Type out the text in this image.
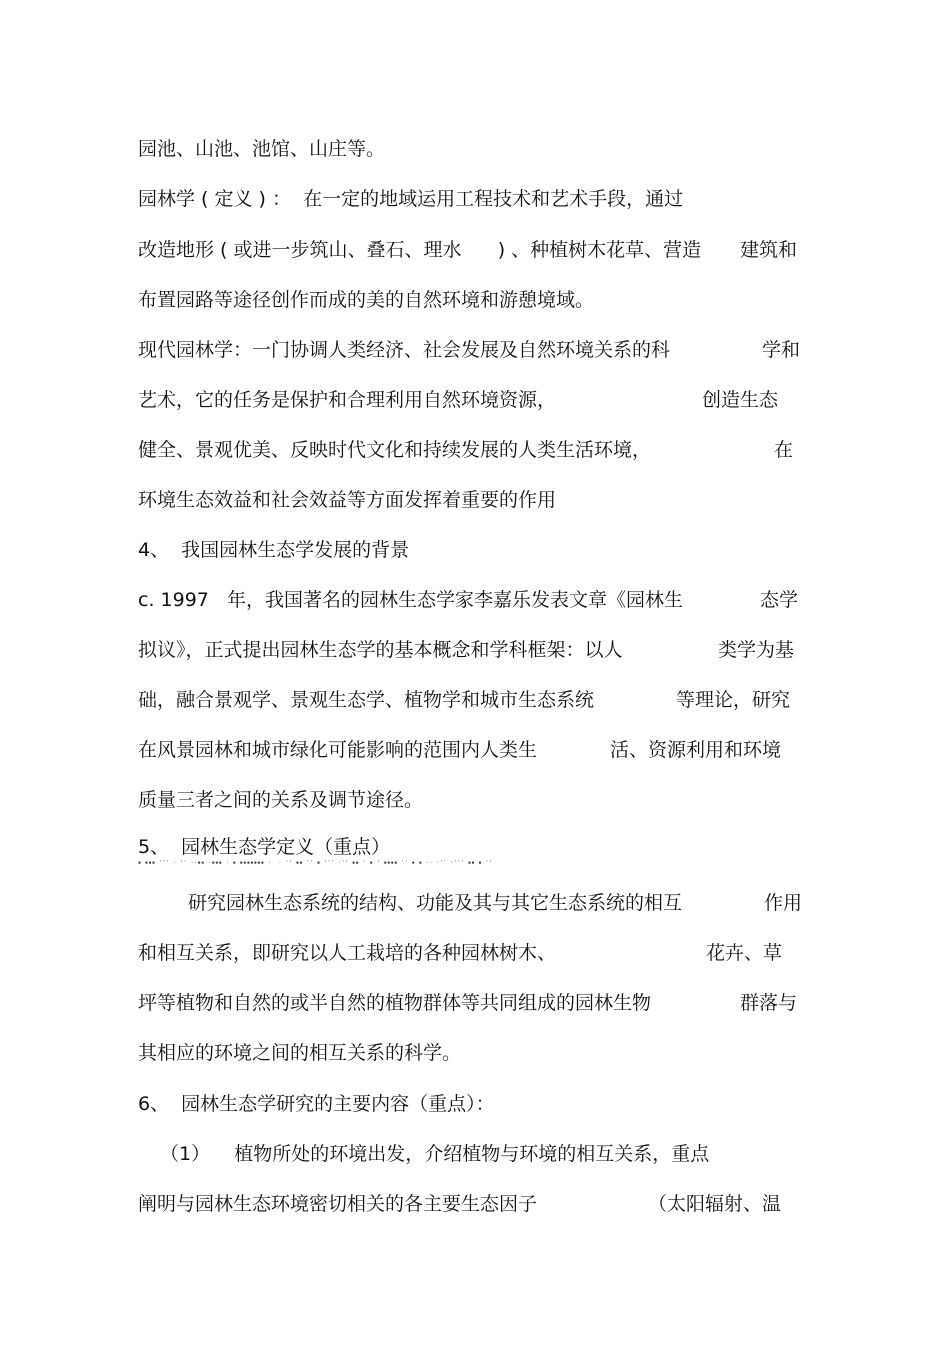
园池、山池、池馆、山庄等。

园林学 ( 定义 ) ：  在一定的地域运用工程技术和艺术手段，通过

改造地形 ( 或进一步筑山、叠石、理水      ) 、种植树木花草、营造

建筑和

布置园路等途径创作而成的美的自然环境和游憩境域。

现代园林学：一门协调人类经济、社会发展及自然环境关系的科

	学和

艺术，它的任务是保护和合理利用自然环境资源，

	创造生态

健全、景观优美、反映时代文化和持续发展的人类生活环境，

	在

环境生态效益和社会效益等方面发挥着重要的作用

4、  我国园林生态学发展的背景

c. 1997   年，我国著名的园林生态学家李嘉乐发表文章《园林生

	态学

拟议》，正式提出园林生态学的基本概念和学科框架：以人

	类学为基

础，融合景观学、景观生态学、植物学和城市生态系统

	等理论，研究

在风景园林和城市绿化可能影响的范围内人类生

	活、资源利用和环境

质量三者之间的关系及调节途径。

5、  园林生态学定义（重点）

▪ ▪▪▪ ''' · '' ··▪▪ ·▪▪▪ · ▪ ▪▪▪▪▪▪▪ ·  · '' ▪▪ '' ▪ ''' ·'' ▪▪ ' ▪ ' ▪▪▪▪ '' ▪ ▪ ·· ·'' ·''' ▪▪ ▪ ''

研究园林生态系统的结构、功能及其与其它生态系统的相互

	作用

和相互关系，即研究以人工栽培的各种园林树木、

	花卉、草

坪等植物和自然的或半自然的植物群体等共同组成的园林生物

	群落与

其相应的环境之间的相互关系的科学。

6、  园林生态学研究的主要内容（重点）：

（1）    植物所处的环境出发，介绍植物与环境的相互关系，重点

阐明与园林生态环境密切相关的各主要生态因子

	（太阳辐射、温
